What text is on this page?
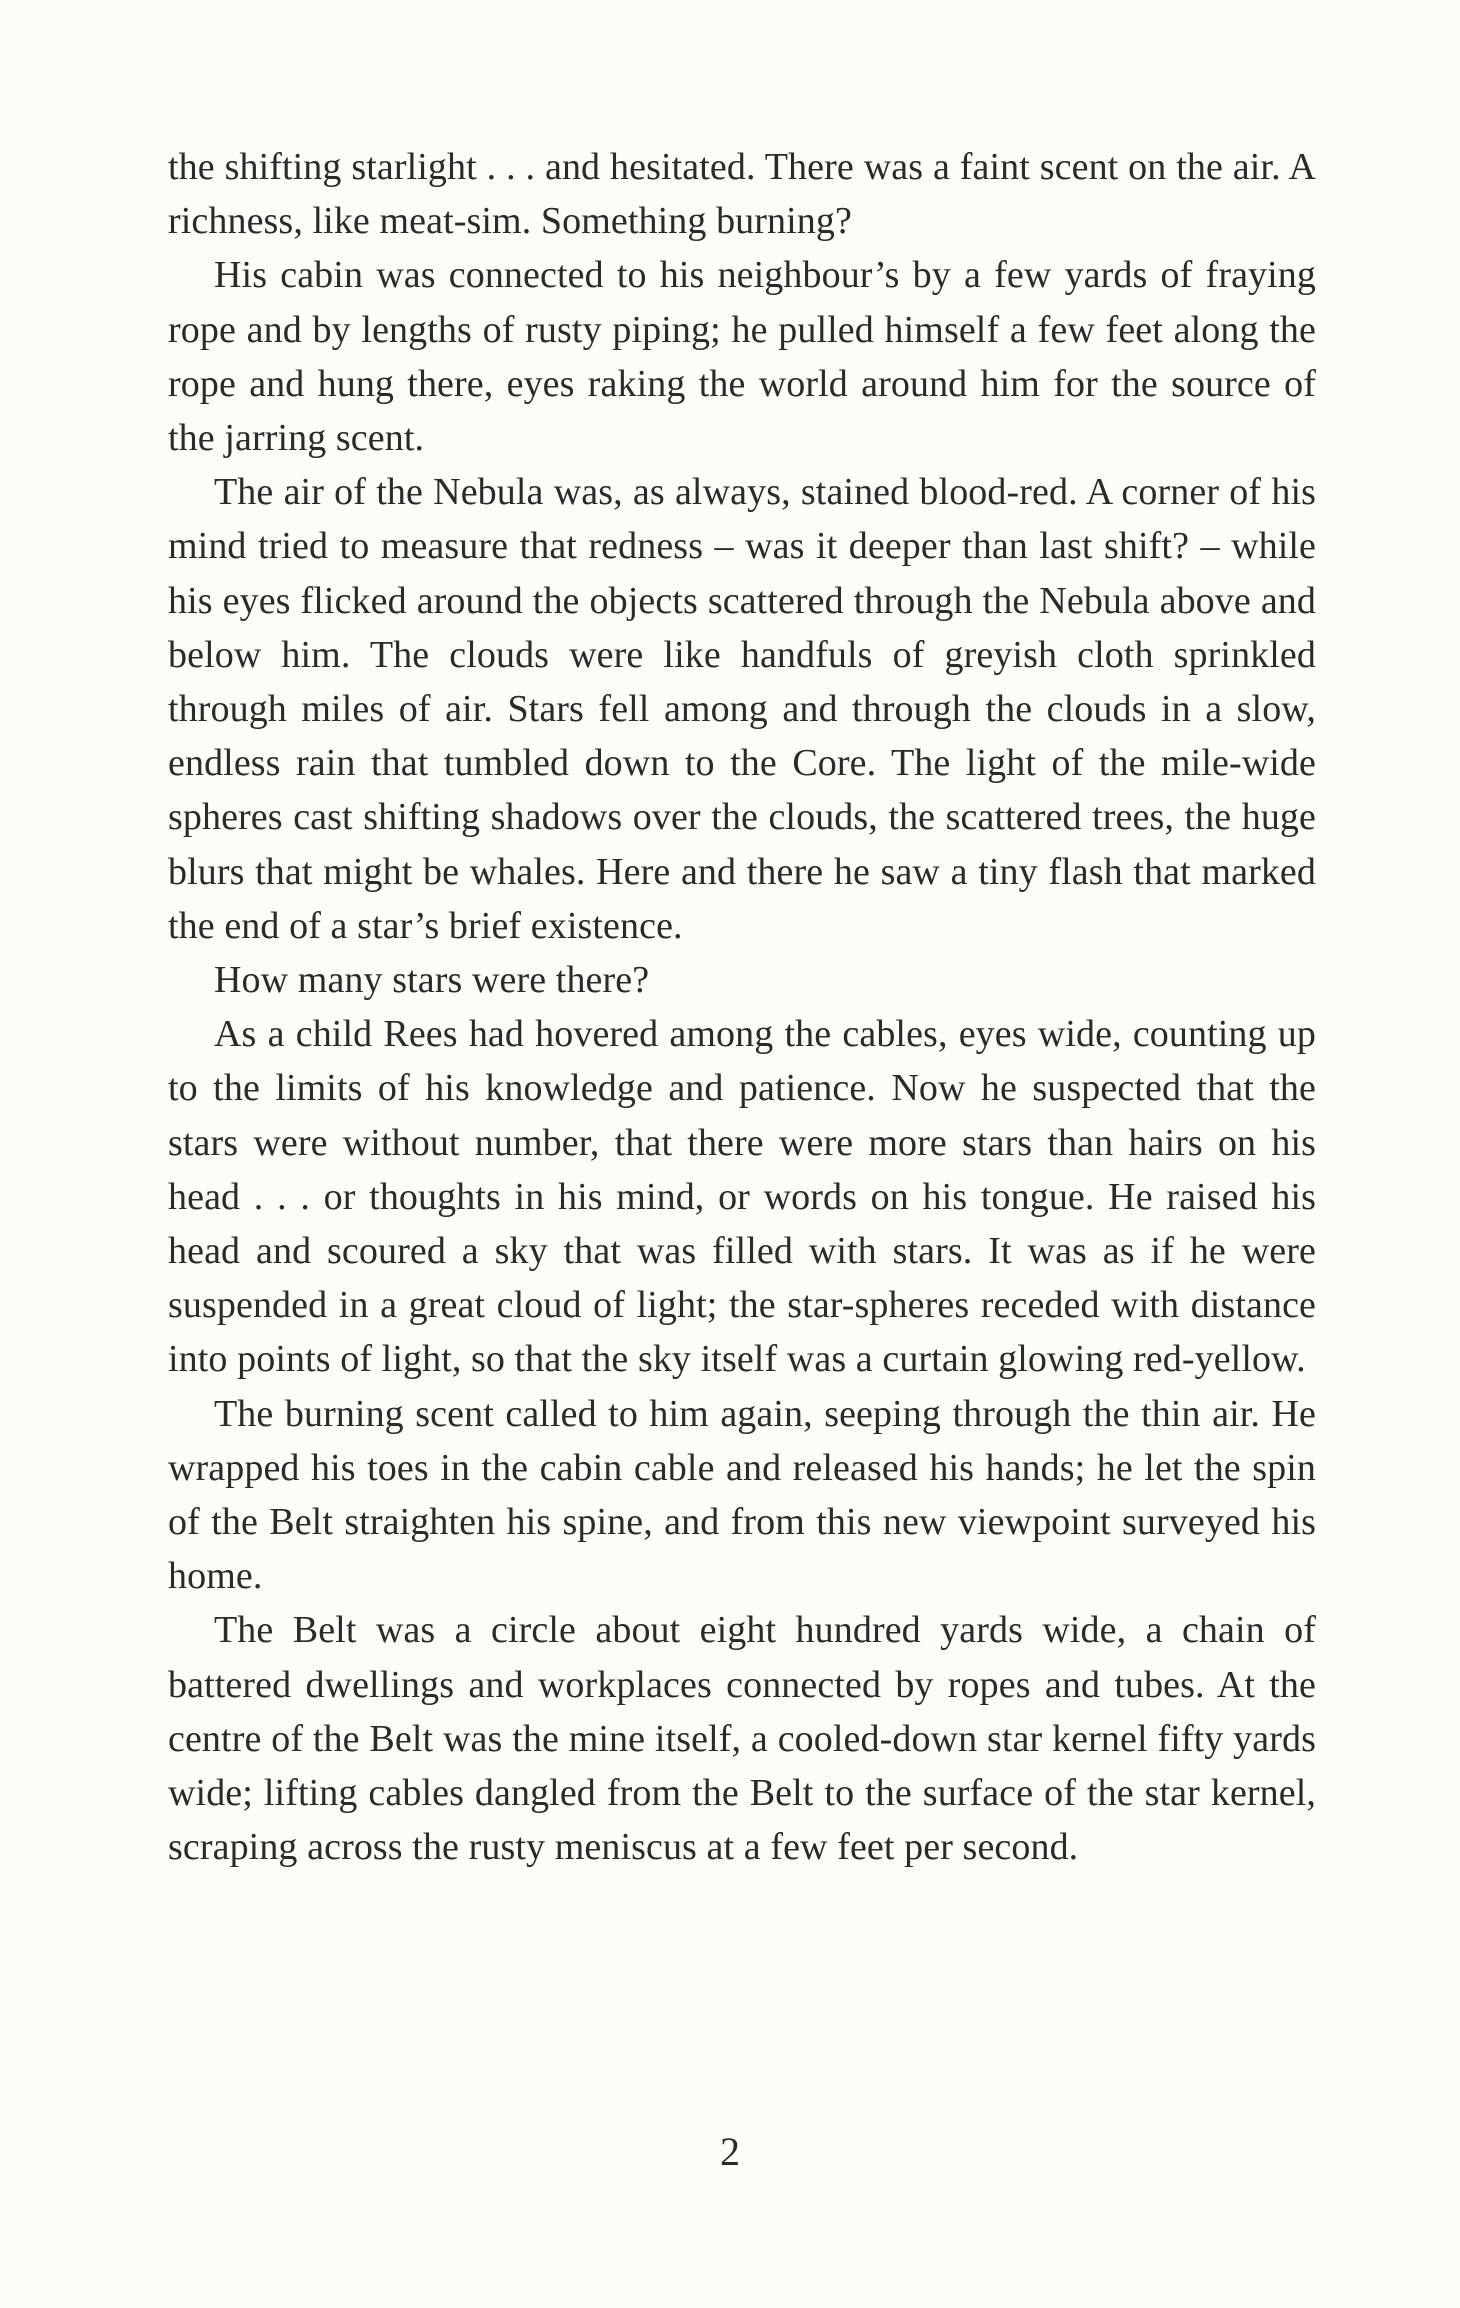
the shifting starlight . . . and hesitated. There was a faint scent on the air. A richness, like meat-sim. Something burning?

His cabin was connected to his neighbour’s by a few yards of fraying rope and by lengths of rusty piping; he pulled himself a few feet along the rope and hung there, eyes raking the world around him for the source of the jarring scent.

The air of the Nebula was, as always, stained blood-red. A corner of his mind tried to measure that redness – was it deeper than last shift? – while his eyes flicked around the objects scattered through the Nebula above and below him. The clouds were like handfuls of greyish cloth sprinkled through miles of air. Stars fell among and through the clouds in a slow, endless rain that tumbled down to the Core. The light of the mile-wide spheres cast shifting shadows over the clouds, the scattered trees, the huge blurs that might be whales. Here and there he saw a tiny flash that marked the end of a star’s brief existence.

How many stars were there?

As a child Rees had hovered among the cables, eyes wide, counting up to the limits of his knowledge and patience. Now he suspected that the stars were without number, that there were more stars than hairs on his head . . . or thoughts in his mind, or words on his tongue. He raised his head and scoured a sky that was filled with stars. It was as if he were suspended in a great cloud of light; the star-spheres receded with distance into points of light, so that the sky itself was a curtain glowing red-yellow.

The burning scent called to him again, seeping through the thin air. He wrapped his toes in the cabin cable and released his hands; he let the spin of the Belt straighten his spine, and from this new viewpoint surveyed his home.

The Belt was a circle about eight hundred yards wide, a chain of battered dwellings and workplaces connected by ropes and tubes. At the centre of the Belt was the mine itself, a cooled-down star kernel fifty yards wide; lifting cables dangled from the Belt to the surface of the star kernel, scraping across the rusty meniscus at a few feet per second.

2
